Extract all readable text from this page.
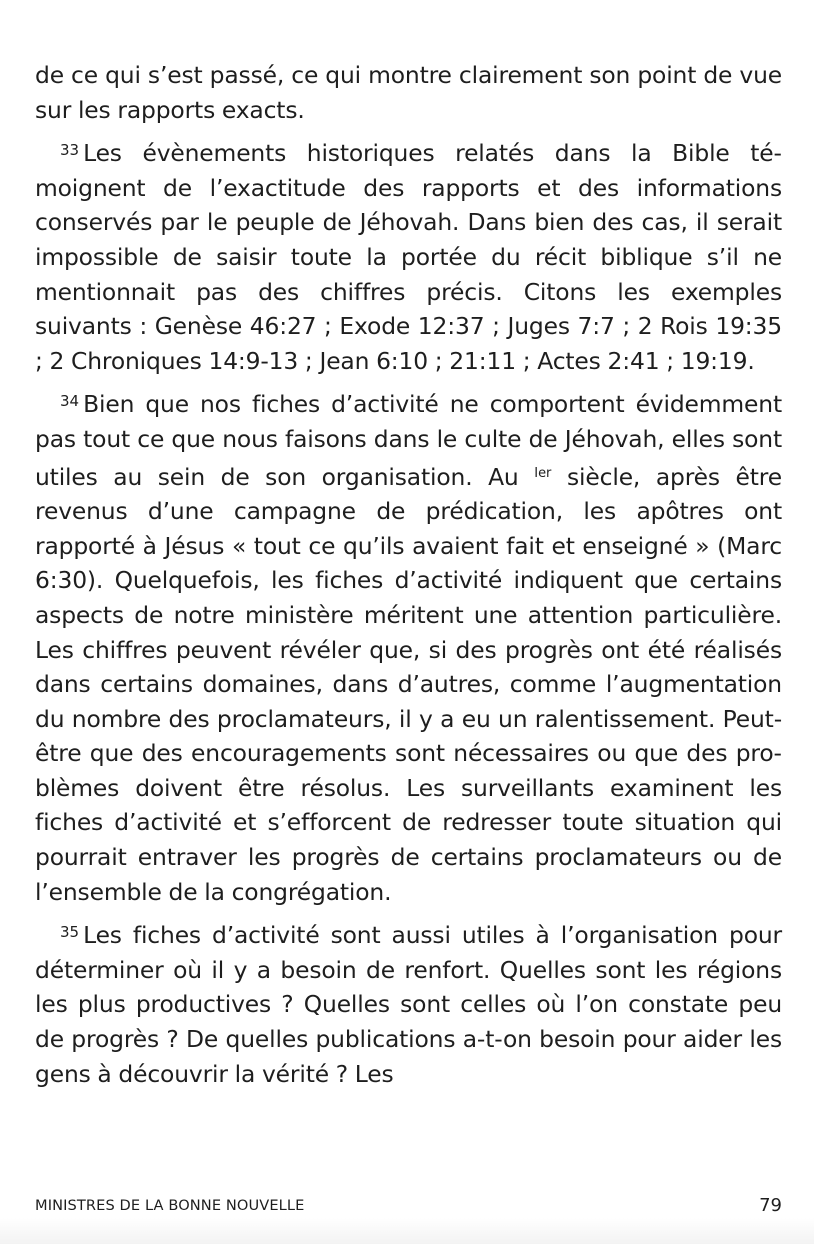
de ce qui s’est passé, ce qui montre clairement son point de vue sur les rapports exacts.

$^{33}$ Les évènements historiques relatés dans la Bible témoignent de l’exactitude des rapports et des informations conservés par le peuple de Jéhovah. Dans bien des cas, il serait impossible de saisir toute la portée du récit biblique s’il ne mentionnait pas des chiffres précis. Citons les exemples suivants : Genèse 46:27 ; Exode 12:37 ; Juges 7:7 ; 2 Rois 19:35 ; 2 Chroniques 14:9-13 ; Jean 6:10 ; 21:11 ; Actes 2:41 ; 19:19.

$^{34}$ Bien que nos fiches d’activité ne comportent évidemment pas tout ce que nous faisons dans le culte de Jéhovah, elles sont utiles au sein de son organisation. Au $^{Ier}$ siècle, après être revenus d’une campagne de prédication, les apôtres ont rapporté à Jésus « tout ce qu’ils avaient fait et enseigné » (Marc 6:30). Quelquefois, les fiches d’activité indiquent que certains aspects de notre ministère méritent une attention particulière. Les chiffres peuvent révéler que, si des progrès ont été réalisés dans certains domaines, dans d’autres, comme l’augmentation du nombre des proclamateurs, il y a eu un ralentissement. Peut-être que des encouragements sont nécessaires ou que des problèmes doivent être résolus. Les surveillants examinent les fiches d’activité et s’efforcent de redresser toute situation qui pourrait entraver les progrès de certains proclamateurs ou de l’ensemble de la congrégation.

$^{35}$ Les fiches d’activité sont aussi utiles à l’organisation pour déterminer où il y a besoin de renfort. Quelles sont les régions les plus productives ? Quelles sont celles où l’on constate peu de progrès ? De quelles publications a-t-on besoin pour aider les gens à découvrir la vérité ? Les

MINISTRES DE LA BONNE NOUVELLE	79
